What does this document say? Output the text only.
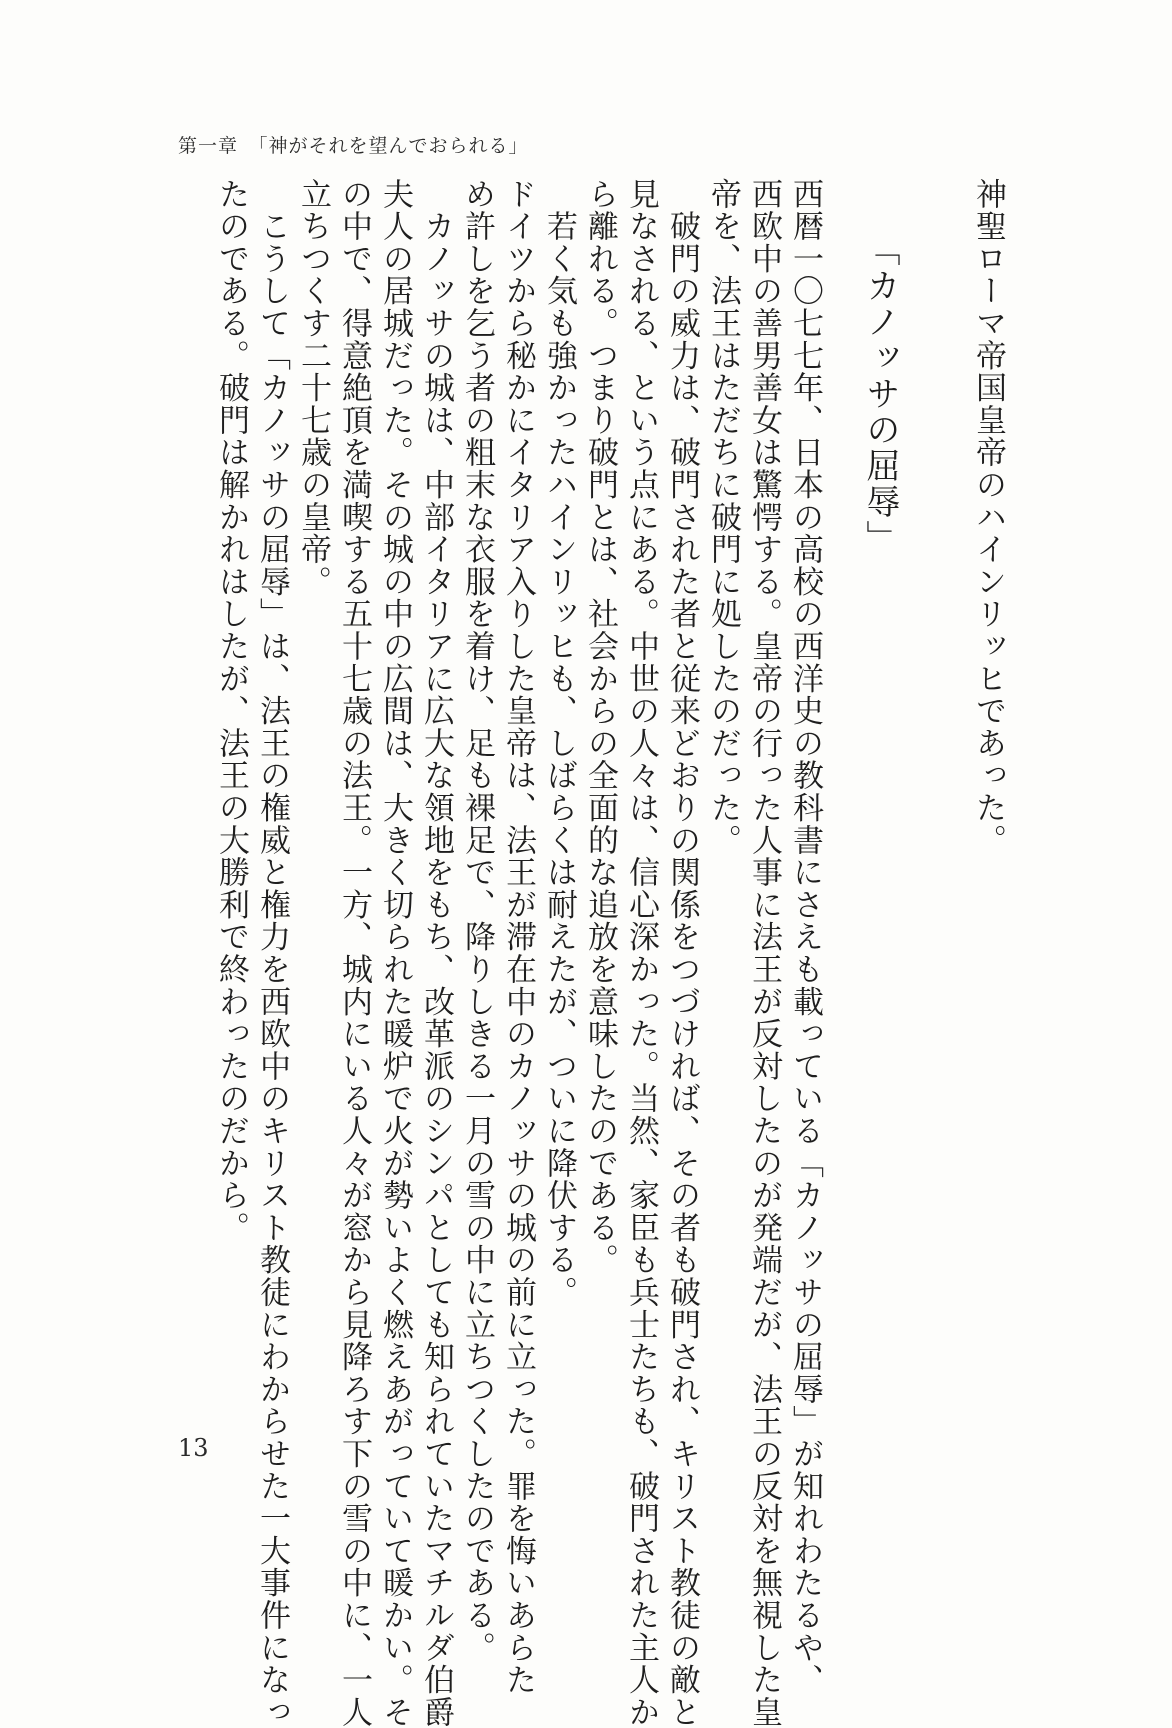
第一章　「神がそれを望んでおられる」
神聖ローマ帝国皇帝のハインリッヒであった。
「カノッサの屈辱」
西暦一〇七七年、日本の高校の西洋史の教科書にさえも載っている「カノッサの屈辱」が知れわたるや、
西欧中の善男善女は驚愕する。皇帝の行った人事に法王が反対したのが発端だが、法王の反対を無視した皇
帝を、法王はただちに破門に処したのだった。
　破門の威力は、破門された者と従来どおりの関係をつづければ、その者も破門され、キリスト教徒の敵と
見なされる、という点にある。中世の人々は、信心深かった。当然、家臣も兵士たちも、破門された主人か
ら離れる。つまり破門とは、社会からの全面的な追放を意味したのである。
　若く気も強かったハインリッヒも、しばらくは耐えたが、ついに降伏する。
ドイツから秘かにイタリア入りした皇帝は、法王が滞在中のカノッサの城の前に立った。罪を悔いあらた
め許しを乞う者の粗末な衣服を着け、足も裸足で、降りしきる一月の雪の中に立ちつくしたのである。
　カノッサの城は、中部イタリアに広大な領地をもち、改革派のシンパとしても知られていたマチルダ伯爵
夫人の居城だった。その城の中の広間は、大きく切られた暖炉で火が勢いよく燃えあがっていて暖かい。そ
の中で、得意絶頂を満喫する五十七歳の法王。一方、城内にいる人々が窓から見降ろす下の雪の中に、一人
立ちつくす二十七歳の皇帝。
　こうして「カノッサの屈辱」は、法王の権威と権力を西欧中のキリスト教徒にわからせた一大事件になっ
たのである。破門は解かれはしたが、法王の大勝利で終わったのだから。
13
